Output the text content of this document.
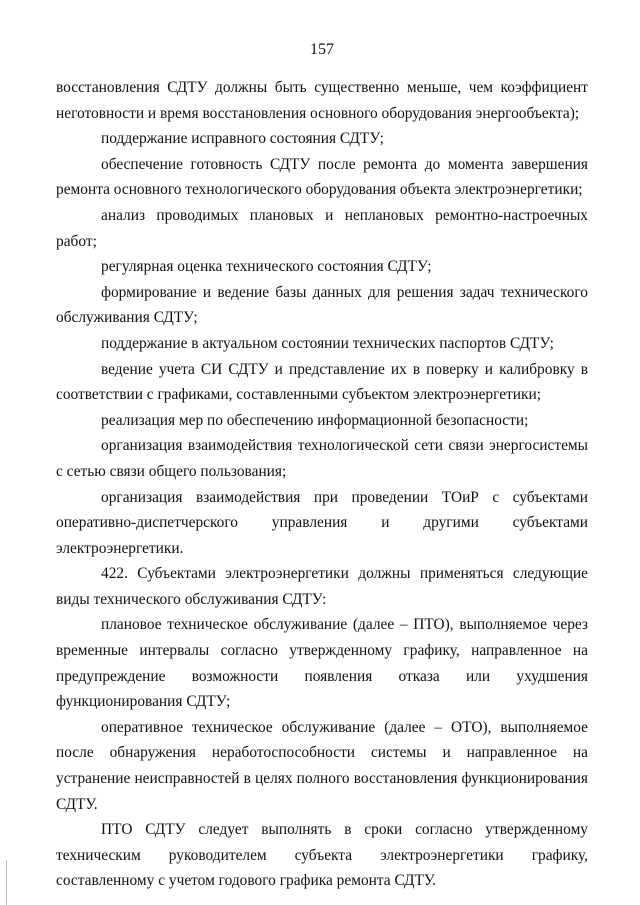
157

восстановления СДТУ должны быть существенно меньше, чем коэффициент неготовности и время восстановления основного оборудования энергообъекта);

поддержание исправного состояния СДТУ;

обеспечение готовность СДТУ после ремонта до момента завершения ремонта основного технологического оборудования объекта электроэнергетики;

анализ проводимых плановых и неплановых ремонтно-настроечных работ;

регулярная оценка технического состояния СДТУ;

формирование и ведение базы данных для решения задач технического обслуживания СДТУ;

поддержание в актуальном состоянии технических паспортов СДТУ;

ведение учета СИ СДТУ и представление их в поверку и калибровку в соответствии с графиками, составленными субъектом электроэнергетики;

реализация мер по обеспечению информационной безопасности;

организация взаимодействия технологической сети связи энергосистемы с сетью связи общего пользования;

организация взаимодействия при проведении ТОиР с субъектами оперативно-диспетчерского управления и другими субъектами электроэнергетики.

422. Субъектами электроэнергетики должны применяться следующие виды технического обслуживания СДТУ:

плановое техническое обслуживание (далее – ПТО), выполняемое через временные интервалы согласно утвержденному графику, направленное на предупреждение возможности появления отказа или ухудшения функционирования СДТУ;

оперативное техническое обслуживание (далее – ОТО), выполняемое после обнаружения неработоспособности системы и направленное на устранение неисправностей в целях полного восстановления функционирования СДТУ.

ПТО СДТУ следует выполнять в сроки согласно утвержденному техническим руководителем субъекта электроэнергетики графику, составленному с учетом годового графика ремонта СДТУ.
